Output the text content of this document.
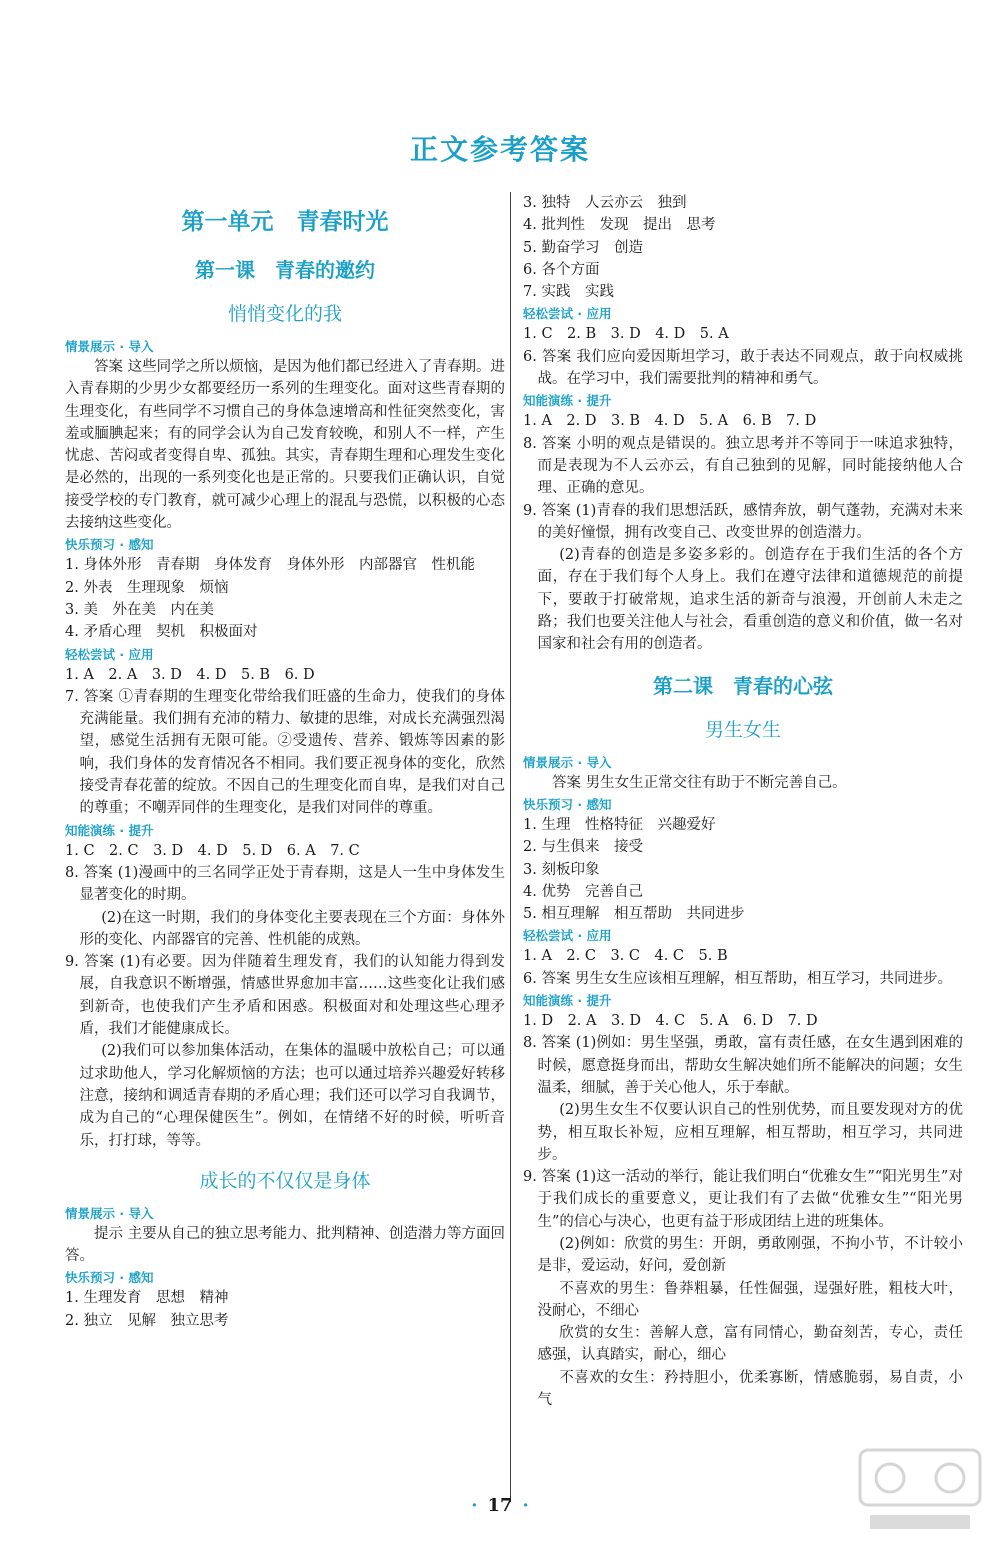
正文参考答案
第一单元　青春时光
第一课　青春的邀约
悄悄变化的我
情景展示 · 导入

答案 这些同学之所以烦恼，是因为他们都已经进入了青春期。进入青春期的少男少女都要经历一系列的生理变化。面对这些青春期的生理变化，有些同学不习惯自己的身体急速增高和性征突然变化，害羞或腼腆起来；有的同学会认为自己发育较晚，和别人不一样，产生忧虑、苦闷或者变得自卑、孤独。其实，青春期生理和心理发生变化是必然的，出现的一系列变化也是正常的。只要我们正确认识，自觉接受学校的专门教育，就可减少心理上的混乱与恐慌，以积极的心态去接纳这些变化。

快乐预习 · 感知

1. 身体外形　青春期　身体发育　身体外形　内部器官　性机能

2. 外表　生理现象　烦恼

3. 美　外在美　内在美

4. 矛盾心理　契机　积极面对

轻松尝试 · 应用

1. A　2. A　3. D　4. D　5. B　6. D

7. 答案 ①青春期的生理变化带给我们旺盛的生命力，使我们的身体充满能量。我们拥有充沛的精力、敏捷的思维，对成长充满强烈渴望，感觉生活拥有无限可能。②受遗传、营养、锻炼等因素的影响，我们身体的发育情况各不相同。我们要正视身体的变化，欣然接受青春花蕾的绽放。不因自己的生理变化而自卑，是我们对自己的尊重；不嘲弄同伴的生理变化，是我们对同伴的尊重。

知能演练 · 提升

1. C　2. C　3. D　4. D　5. D　6. A　7. C

8. 答案 (1)漫画中的三名同学正处于青春期，这是人一生中身体发生显著变化的时期。

(2)在这一时期，我们的身体变化主要表现在三个方面：身体外形的变化、内部器官的完善、性机能的成熟。

9. 答案 (1)有必要。因为伴随着生理发育，我们的认知能力得到发展，自我意识不断增强，情感世界愈加丰富……这些变化让我们感到新奇，也使我们产生矛盾和困惑。积极面对和处理这些心理矛盾，我们才能健康成长。

(2)我们可以参加集体活动，在集体的温暖中放松自己；可以通过求助他人，学习化解烦恼的方法；也可以通过培养兴趣爱好转移注意，接纳和调适青春期的矛盾心理；我们还可以学习自我调节，成为自己的“心理保健医生”。例如，在情绪不好的时候，听听音乐，打打球，等等。

成长的不仅仅是身体
情景展示 · 导入

提示 主要从自己的独立思考能力、批判精神、创造潜力等方面回答。

快乐预习 · 感知

1. 生理发育　思想　精神

2. 独立　见解　独立思考

3. 独特　人云亦云　独到

4. 批判性　发现　提出　思考

5. 勤奋学习　创造

6. 各个方面

7. 实践　实践

轻松尝试 · 应用

1. C　2. B　3. D　4. D　5. A

6. 答案 我们应向爱因斯坦学习，敢于表达不同观点，敢于向权威挑战。在学习中，我们需要批判的精神和勇气。

知能演练 · 提升

1. A　2. D　3. B　4. D　5. A　6. B　7. D

8. 答案 小明的观点是错误的。独立思考并不等同于一味追求独特，而是表现为不人云亦云，有自己独到的见解，同时能接纳他人合理、正确的意见。

9. 答案 (1)青春的我们思想活跃，感情奔放，朝气蓬勃，充满对未来的美好憧憬，拥有改变自己、改变世界的创造潜力。

(2)青春的创造是多姿多彩的。创造存在于我们生活的各个方面，存在于我们每个人身上。我们在遵守法律和道德规范的前提下，要敢于打破常规，追求生活的新奇与浪漫，开创前人未走之路；我们也要关注他人与社会，看重创造的意义和价值，做一名对国家和社会有用的创造者。

第二课　青春的心弦
男生女生
情景展示 · 导入

答案 男生女生正常交往有助于不断完善自己。

快乐预习 · 感知

1. 生理　性格特征　兴趣爱好

2. 与生俱来　接受

3. 刻板印象

4. 优势　完善自己

5. 相互理解　相互帮助　共同进步

轻松尝试 · 应用

1. A　2. C　3. C　4. C　5. B

6. 答案 男生女生应该相互理解，相互帮助，相互学习，共同进步。

知能演练 · 提升

1. D　2. A　3. D　4. C　5. A　6. D　7. D

8. 答案 (1)例如：男生坚强，勇敢，富有责任感，在女生遇到困难的时候，愿意挺身而出，帮助女生解决她们所不能解决的问题；女生温柔，细腻，善于关心他人，乐于奉献。

(2)男生女生不仅要认识自己的性别优势，而且要发现对方的优势，相互取长补短，应相互理解，相互帮助，相互学习，共同进步。

9. 答案 (1)这一活动的举行，能让我们明白“优雅女生”“阳光男生”对于我们成长的重要意义，更让我们有了去做“优雅女生”“阳光男生”的信心与决心，也更有益于形成团结上进的班集体。

(2)例如：欣赏的男生：开朗，勇敢刚强，不拘小节，不计较小是非，爱运动，好问，爱创新

不喜欢的男生：鲁莽粗暴，任性倔强，逞强好胜，粗枝大叶，没耐心，不细心

欣赏的女生：善解人意，富有同情心，勤奋刻苦，专心，责任感强，认真踏实，耐心，细心

不喜欢的女生：矜持胆小，优柔寡断，情感脆弱，易自责，小气

· 17 ·
